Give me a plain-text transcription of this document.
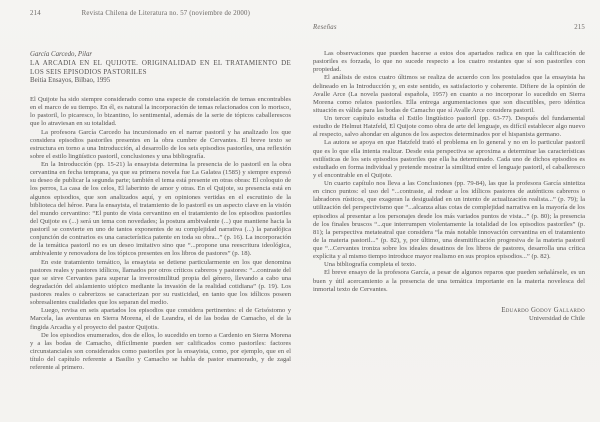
214	Revista Chilena de Literatura no. 57 (noviembre de 2000)
García Carcedo, Pilar
LA ARCADIA EN EL QUIJOTE. ORIGINALIDAD EN EL TRATAMIENTO DE LOS SEIS EPISODIOS PASTORILES
Beitia Ensayos, Bilbao, 1995

El Quijote ha sido siempre considerado como una especie de constelación de temas encontrables en el marco de su tiempo. En él, es natural la incorporación de temas relacionados con lo morisco, lo pastoril, lo picaresco, lo bizantino, lo sentimental, además de la serie de tópicos caballerescos que lo atraviesan en su totalidad.

La profesora García Carcedo ha incursionado en el narrar pastoril y ha analizado los que considera episodios pastoriles presentes en la obra cumbre de Cervantes. El breve texto se estructura en torno a una Introducción, al desarrollo de los seis episodios pastoriles, una reflexión sobre el estilo lingüístico pastoril, conclusiones y una bibliografía.

En la Introducción (pp. 15-21) la ensayista determina la presencia de lo pastoril en la obra cervantina en fecha temprana, ya que su primera novela fue La Galatea (1585) y siempre expresó su deseo de publicar la segunda parte; también el tema está presente en otras obras: El coloquio de los perros, La casa de los celos, El laberinto de amor y otras. En el Quijote, su presencia está en algunos episodios, que son analizados aquí, y en opiniones vertidas en el escrutinio de la biblioteca del héroe. Para la ensayista, el tratamiento de lo pastoril es un aspecto clave en la visión del mundo cervantino: “El punto de vista cervantino en el tratamiento de los episodios pastoriles del Quijote es (...) será un tema con novedades; la postura ambivalente (...) que mantiene hacia la pastoril se convierte en uno de tantos exponentes de su complejidad narrativa (...) la paradójica conjunción de contrarios es una característica patente en toda su obra...” (p. 16). La incorporación de la temática pastoril no es un deseo imitativo sino que “...propone una reescritura ideológica, ambivalente y renovadora de los tópicos presentes en los libros de pastores” (p. 18).

En este tratamiento temático, la ensayista se detiene particularmente en los que denomina pastores reales y pastores idílicos, llamados por otros críticos cabreros y pastores: “...contraste del que se sirve Cervantes para superar la inverosimilitud propia del género, llevando a cabo una degradación del aislamiento utópico mediante la invasión de la realidad cotidiana” (p. 19). Los pastores reales o cabrerizos se caracterizan por su rusticidad, en tanto que los idílicos poseen sobresalientes cualidades que los separan del medio.

Luego, revisa en seis apartados los episodios que considera pertinentes: el de Grisóstomo y Marcela, las aventuras en Sierra Morena, el de Leandra, el de las bodas de Camacho, el de la fingida Arcadia y el proyecto del pastor Quijotis.

De los episodios enumerados, dos de ellos, lo sucedido en torno a Cardenio en Sierra Morena y a las bodas de Camacho, difícilmente pueden ser calificados como pastoriles: factores circunstanciales son considerados como pastoriles por la ensayista, como, por ejemplo, que en el título del capítulo referente a Basilio y Camacho se habla de pastor enamorado, y de zagal referente al primero.

Reseñas	215

Las observaciones que pueden hacerse a estos dos apartados radica en que la calificación de pastoriles es forzada, lo que no sucede respecto a los cuatro restantes que sí son pastoriles con propiedad.

El análisis de estos cuatro últimos se realiza de acuerdo con los postulados que la ensayista ha delineado en la Introducción y, en este sentido, es satisfactorio y coherente. Difiere de la opinión de Avalle Arce (La novela pastoral española, 1957) en cuanto a no incorporar lo sucedido en Sierra Morena como relatos pastoriles. Ella entrega argumentaciones que son discutibles, pero idéntica situación es válida para las bodas de Camacho que sí Avalle Arce considera pastoril.

Un tercer capítulo estudia el Estilo lingüístico pastoril (pp. 63-77). Después del fundamental estudio de Helmut Hatzfeld, El Quijote como obra de arte del lenguaje, es difícil establecer algo nuevo al respecto, salvo ahondar en algunos de los aspectos determinados por el hispanista germano.

La autora se apoya en que Hatzfeld trató el problema en lo general y no en lo particular pastoril que es lo que ella intenta realizar. Desde esta perspectiva se aproxima a determinar las características estilísticas de los seis episodios pastoriles que ella ha determinado. Cada uno de dichos episodios es estudiado en forma individual y pretende mostrar la similitud entre el lenguaje pastoril, el caballeresco y el encontrable en el Quijote.

Un cuarto capítulo nos lleva a las Conclusiones (pp. 79-84), las que la profesora García sintetiza en cinco puntos: el uso del “...contraste, al rodear a los idílicos pastores de auténticos cabreros o labradores rústicos, que exageran la desigualdad en un intento de actualización realista...” (p. 79); la utilización del perspectivismo que “...alcanza altas cotas de complejidad narrativa en la mayoría de los episodios al presentar a los personajes desde los más variados puntos de vista...” (p. 80); la presencia de los finales bruscos “...que interrumpen violentamente la totalidad de los episodios pastoriles” (p. 81); la perspectiva metateatral que considera “la más notable innovación cervantina en el tratamiento de la materia pastoril...” (p. 82), y, por último, una desmitificación progresiva de la materia pastoril que “...Cervantes ironiza sobre los ideales desatinos de los libros de pastores, desarrolla una crítica explícita y al mismo tiempo introduce mayor realismo en sus propios episodios...” (p. 82).

Una bibliografía completa el texto.

El breve ensayo de la profesora García, a pesar de algunos reparos que pueden señalársele, es un buen y útil acercamiento a la presencia de una temática importante en la materia novelesca del inmortal texto de Cervantes.

Eduardo Godoy Gallardo
Universidad de Chile
